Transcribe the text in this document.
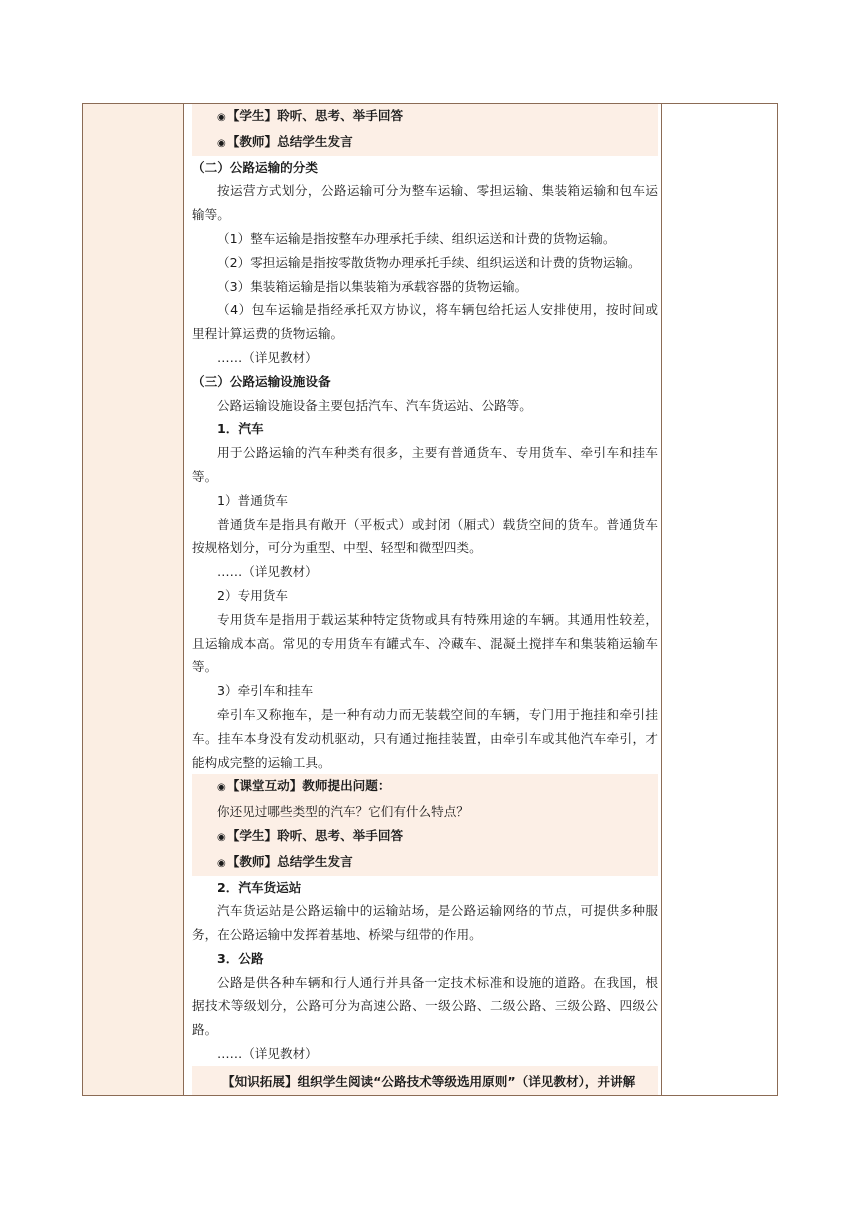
◉【学生】聆听、思考、举手回答
◉【教师】总结学生发言
（二）公路运输的分类
按运营方式划分，公路运输可分为整车运输、零担运输、集装箱运输和包车运
输等。
（1）整车运输是指按整车办理承托手续、组织运送和计费的货物运输。
（2）零担运输是指按零散货物办理承托手续、组织运送和计费的货物运输。
（3）集装箱运输是指以集装箱为承载容器的货物运输。
（4）包车运输是指经承托双方协议，将车辆包给托运人安排使用，按时间或
里程计算运费的货物运输。
……（详见教材）
（三）公路运输设施设备
公路运输设施设备主要包括汽车、汽车货运站、公路等。
1．汽车
用于公路运输的汽车种类有很多，主要有普通货车、专用货车、牵引车和挂车
等。
1）普通货车
普通货车是指具有敞开（平板式）或封闭（厢式）载货空间的货车。普通货车
按规格划分，可分为重型、中型、轻型和微型四类。
……（详见教材）
2）专用货车
专用货车是指用于载运某种特定货物或具有特殊用途的车辆。其通用性较差，
且运输成本高。常见的专用货车有罐式车、冷藏车、混凝土搅拌车和集装箱运输车
等。
3）牵引车和挂车
牵引车又称拖车，是一种有动力而无装载空间的车辆，专门用于拖挂和牵引挂
车。挂车本身没有发动机驱动，只有通过拖挂装置，由牵引车或其他汽车牵引，才
能构成完整的运输工具。
◉【课堂互动】教师提出问题：
你还见过哪些类型的汽车？它们有什么特点？
◉【学生】聆听、思考、举手回答
◉【教师】总结学生发言
2．汽车货运站
汽车货运站是公路运输中的运输站场，是公路运输网络的节点，可提供多种服
务，在公路运输中发挥着基地、桥梁与纽带的作用。
3．公路
公路是供各种车辆和行人通行并具备一定技术标准和设施的道路。在我国，根
据技术等级划分，公路可分为高速公路、一级公路、二级公路、三级公路、四级公
路。
……（详见教材）
【知识拓展】组织学生阅读“公路技术等级选用原则”（详见教材），并讲解
